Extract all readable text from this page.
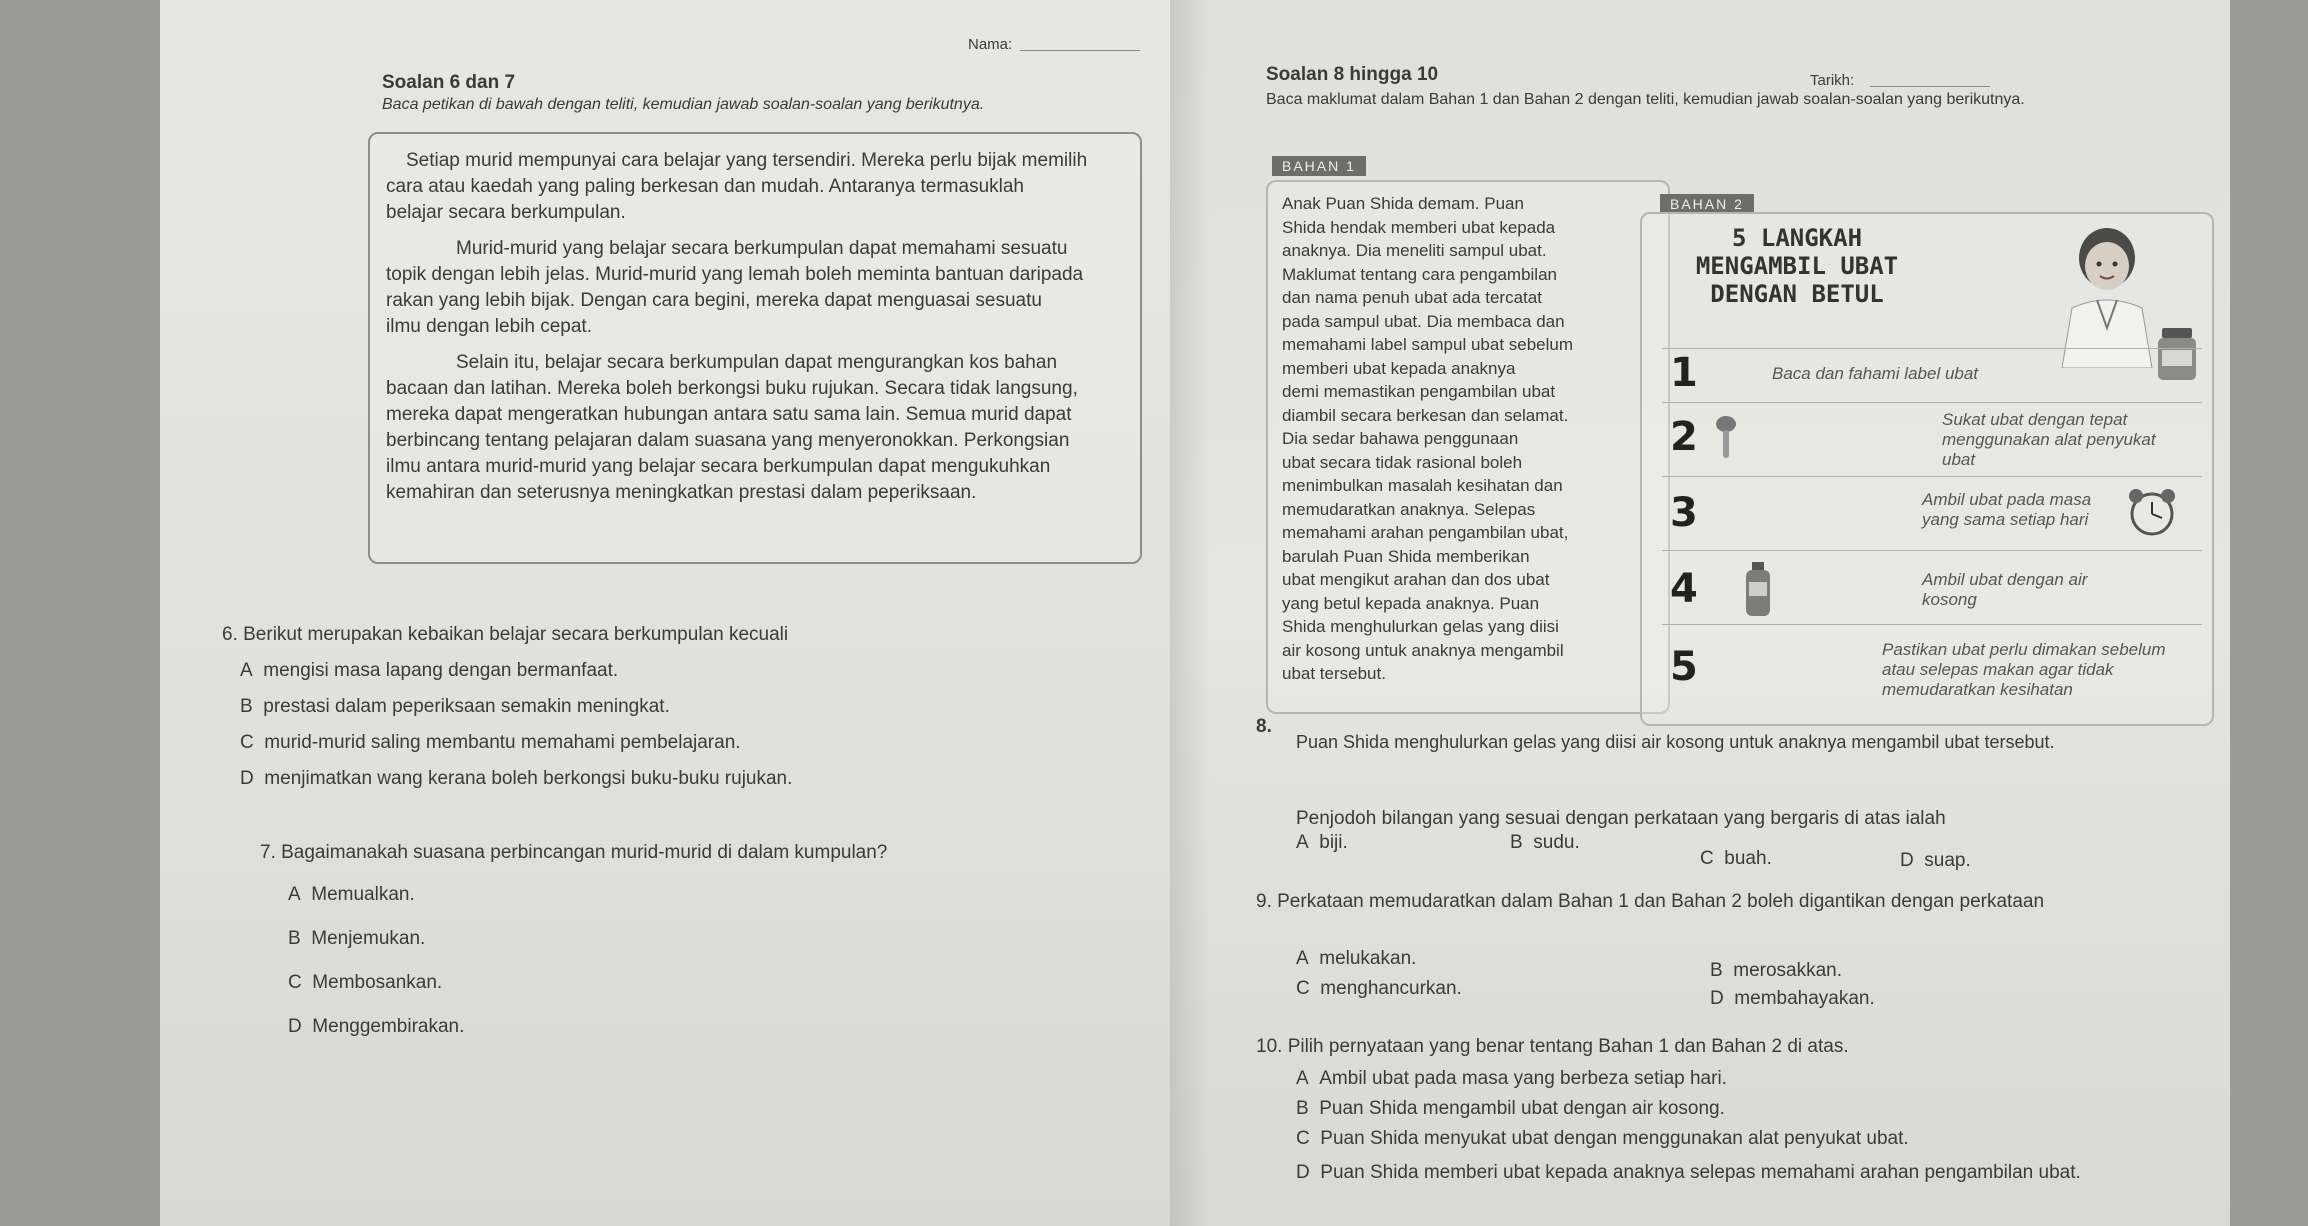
Nama:
Soalan 6 dan 7
Baca petikan di bawah dengan teliti, kemudian jawab soalan-soalan yang berikutnya.

Setiap murid mempunyai cara belajar yang tersendiri. Mereka perlu bijak memilih

cara atau kaedah yang paling berkesan dan mudah. Antaranya termasuklah

belajar secara berkumpulan.

Murid-murid yang belajar secara berkumpulan dapat memahami sesuatu

topik dengan lebih jelas. Murid-murid yang lemah boleh meminta bantuan daripada

rakan yang lebih bijak. Dengan cara begini, mereka dapat menguasai sesuatu

ilmu dengan lebih cepat.

Selain itu, belajar secara berkumpulan dapat mengurangkan kos bahan

bacaan dan latihan. Mereka boleh berkongsi buku rujukan. Secara tidak langsung,

mereka dapat mengeratkan hubungan antara satu sama lain. Semua murid dapat

berbincang tentang pelajaran dalam suasana yang menyeronokkan. Perkongsian

ilmu antara murid-murid yang belajar secara berkumpulan dapat mengukuhkan

kemahiran dan seterusnya meningkatkan prestasi dalam peperiksaan.

6. Berikut merupakan kebaikan belajar secara berkumpulan kecuali
A mengisi masa lapang dengan bermanfaat.
B prestasi dalam peperiksaan semakin meningkat.
C murid-murid saling membantu memahami pembelajaran.
D menjimatkan wang kerana boleh berkongsi buku-buku rujukan.
7. Bagaimanakah suasana perbincangan murid-murid di dalam kumpulan?
A Memualkan.
B Menjemukan.
C Membosankan.
D Menggembirakan.
Tarikh:
Soalan 8 hingga 10
Baca maklumat dalam Bahan 1 dan Bahan 2 dengan teliti, kemudian jawab soalan-soalan yang berikutnya.
BAHAN 1

Anak Puan Shida demam. Puan

Shida hendak memberi ubat kepada

anaknya. Dia meneliti sampul ubat.

Maklumat tentang cara pengambilan

dan nama penuh ubat ada tercatat

pada sampul ubat. Dia membaca dan

memahami label sampul ubat sebelum

memberi ubat kepada anaknya

demi memastikan pengambilan ubat

diambil secara berkesan dan selamat.

Dia sedar bahawa penggunaan

ubat secara tidak rasional boleh

menimbulkan masalah kesihatan dan

memudaratkan anaknya. Selepas

memahami arahan pengambilan ubat,

barulah Puan Shida memberikan

ubat mengikut arahan dan dos ubat

yang betul kepada anaknya. Puan

Shida menghulurkan gelas yang diisi

air kosong untuk anaknya mengambil

ubat tersebut.

BAHAN 2
5 LANGKAH MENGAMBIL UBAT DENGAN BETUL
1	Baca dan fahami label ubat
2	Sukat ubat dengan tepat menggunakan alat penyukat ubat
3	Ambil ubat pada masa yang sama setiap hari
4	Ambil ubat dengan air kosong
5	Pastikan ubat perlu dimakan sebelum atau selepas makan agar tidak memudaratkan kesihatan
8.
Puan Shida menghulurkan gelas yang diisi air kosong untuk anaknya mengambil ubat tersebut.
Penjodoh bilangan yang sesuai dengan perkataan yang bergaris di atas ialah
A biji.	B sudu.
C buah.	D suap.
9. Perkataan memudaratkan dalam Bahan 1 dan Bahan 2 boleh digantikan dengan perkataan
A melukakan.
B merosakkan.
C menghancurkan.	D membahayakan.
10. Pilih pernyataan yang benar tentang Bahan 1 dan Bahan 2 di atas.
A Ambil ubat pada masa yang berbeza setiap hari.
B Puan Shida mengambil ubat dengan air kosong.
C Puan Shida menyukat ubat dengan menggunakan alat penyukat ubat.
D Puan Shida memberi ubat kepada anaknya selepas memahami arahan pengambilan ubat.
